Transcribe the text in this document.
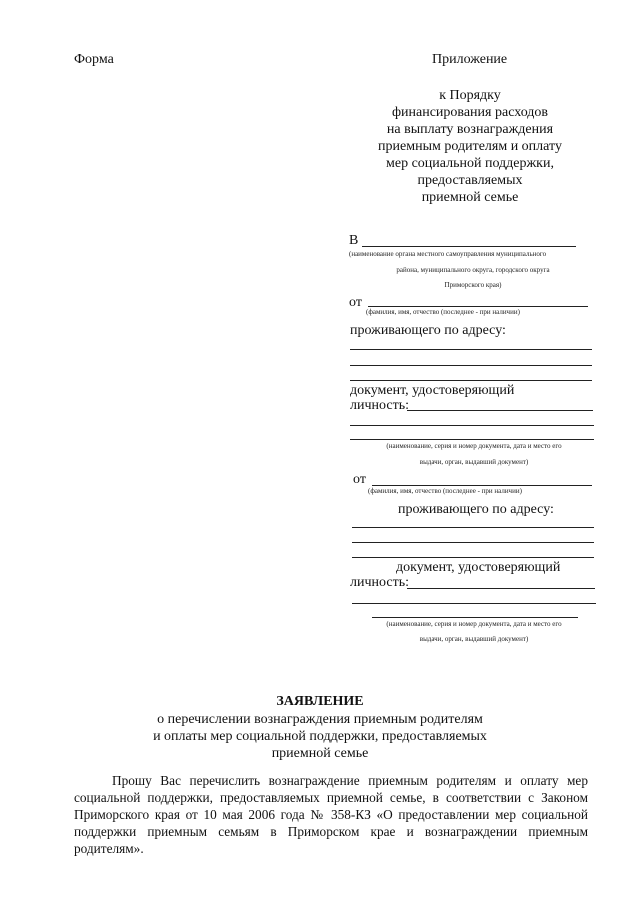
Форма	Приложение
к Порядку
финансирования расходов
на выплату вознаграждения
приемным родителям и оплату
мер социальной поддержки,
предоставляемых
приемной семье
В
(наименование органа местного самоуправления муниципального
района, муниципального округа, городского округа
Приморского края)
от
(фамилия, имя, отчество (последнее - при наличии)
проживающего по адресу:
документ, удостоверяющий
личность:
(наименование, серия и номер документа, дата и место его
выдачи, орган, выдавший документ)
от
(фамилия, имя, отчество (последнее - при наличии)
проживающего по адресу:
документ, удостоверяющий
личность:
(наименование, серия и номер документа, дата и место его
выдачи, орган, выдавший документ)
ЗАЯВЛЕНИЕ
о перечислении вознаграждения приемным родителям
и оплаты мер социальной поддержки, предоставляемых
приемной семье
Прошу Вас перечислить вознаграждение приемным родителям и оплату мер социальной поддержки, предоставляемых приемной семье, в соответствии с Законом Приморского края от 10 мая 2006 года № 358-КЗ «О предоставлении мер социальной поддержки приемным семьям в Приморском крае и вознаграждении приемным родителям».
